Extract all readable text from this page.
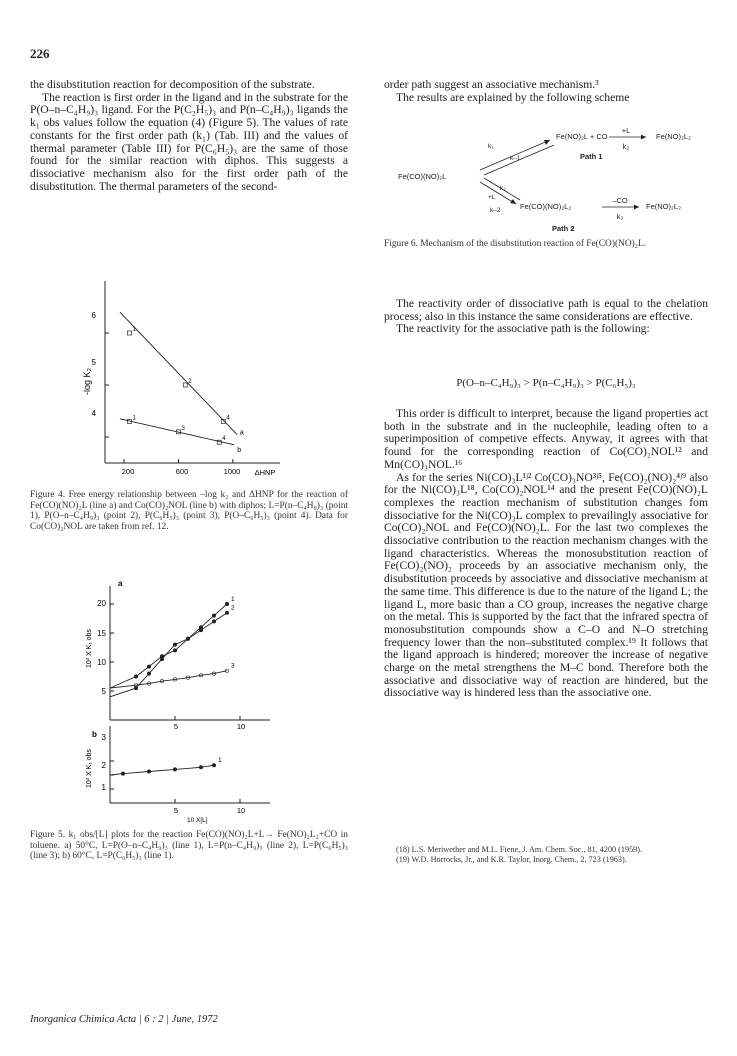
226

the disubstitution reaction for decomposition of the substrate.

The reaction is first order in the ligand and in the substrate for the P(O–n–C₄H₉)₃ ligand. For the P(C₂H₅)₃ and P(n–C₄H₉)₃ ligands the k₁ obs values follow the equation (4) (Figure 5). The values of rate constants for the first order path (k₁) (Tab. III) and the values of thermal parameter (Table III) for P(C₆H₅)₃ are the same of those found for the similar reaction with diphos. This suggests a dissociative mechanism also for the first order path of the disubstitution. The thermal parameters of the second-

-log K₂
4
5
6
200	600	1000 ΔHNP
1
2
4
a
1
3
4
b
Figure 4. Free energy relationship between –log k₂ and ΔHNP for the reaction of Fe(CO)(NO)₂L (line a) and Co(CO)₂NOL (line b) with diphos; L=P(n–C₄H₉)₃ (point 1), P(O–n–C₄H₉)₃ (point 2), P(C₆H₅)₃ (point 3), P(O–C₆H₅)₃ (point 4). Data for Co(CO)₂NOL are taken from ref. 12.
a
b
10³ X K₁ obs
10³ X K₁ obs
5
10
15
20
5	10
1
2
3
5	10
10 X[L]
1
2
3
1
Figure 5. k₁ obs/[L] plots for the reaction Fe(CO)(NO)₂L+L→ Fe(NO)₂L₂+CO in toluene. a) 50°C, L=P(O–n–C₄H₉)₃ (line 1), L=P(n–C₄H₉)₃ (line 2), L=P(C₆H₅)₃ (line 3); b) 60°C, L=P(C₆H₅)₃ (line 1).

order path suggest an associative mechanism.³

The results are explained by the following scheme

Fe(CO)(NO)₂L
Fe(NO)₂L + CO	Fe(NO)₂L₂
+L
k₂
Path 1
Fe(CO)(NO)₂L₂	Fe(NO)₂L₂
–CO
k₃
Path 2
k₁
k–1
k₂
+L
k–2
Figure 6. Mechanism of the disubstitution reaction of Fe(CO)(NO)₂L.

The reactivity order of dissociative path is equal to the chelation process; also in this instance the same considerations are effective.

The reactivity for the associative path is the following:

P(O–n–C₄H₉)₃ > P(n–C₄H₉)₃ > P(C₆H₅)₃

This order is difficult to interpret, because the ligand properties act both in the substrate and in the nucleophile, leading often to a superimposition of competive effects. Anyway, it agrees with that found for the corresponding reaction of Co(CO)₂NOL¹² and Mn(CO)₃NOL.¹⁶

As for the series Ni(CO)₃L¹ʲ² Co(CO)₃NO³ʲ⁵, Fe(CO)₂(NO)₂⁴ʲ⁹ also for the Ni(CO)₃L¹⁸, Co(CO)₂NOL¹⁴ and the present Fe(CO)(NO)₂L complexes the reaction mechanism of substitution changes fom dissociative for the Ni(CO)₃L complex to prevailingly associative for Co(CO)₂NOL and Fe(CO)(NO)₂L. For the last two complexes the dissociative contribution to the reaction mechanism changes with the ligand characteristics. Whereas the monosubstitution reaction of Fe(CO)₂(NO)₂ proceeds by an associative mechanism only, the disubstitution proceeds by associative and dissociative mechanism at the same time. This difference is due to the nature of the ligand L; the ligand L, more basic than a CO group, increases the negative charge on the metal. This is supported by the fact that the infrared spectra of monosubstitution compounds show a C–O and N–O stretching frequency lower than the non–substituted complex.¹⁹ It follows that the ligand approach is hindered; moreover the increase of negative charge on the metal strengthens the M–C bond. Therefore both the associative and dissociative way of reaction are hindered, but the dissociative way is hindered less than the associative one.

(18) L.S. Meriwether and M.L. Fiene, J. Am. Chem. Soc., 81, 4200 (1959).
(19) W.D. Horrocks, Jr., and K.R. Taylor, Inorg. Chem., 2, 723 (1963).
Inorganica Chimica Acta | 6 : 2 | June, 1972
